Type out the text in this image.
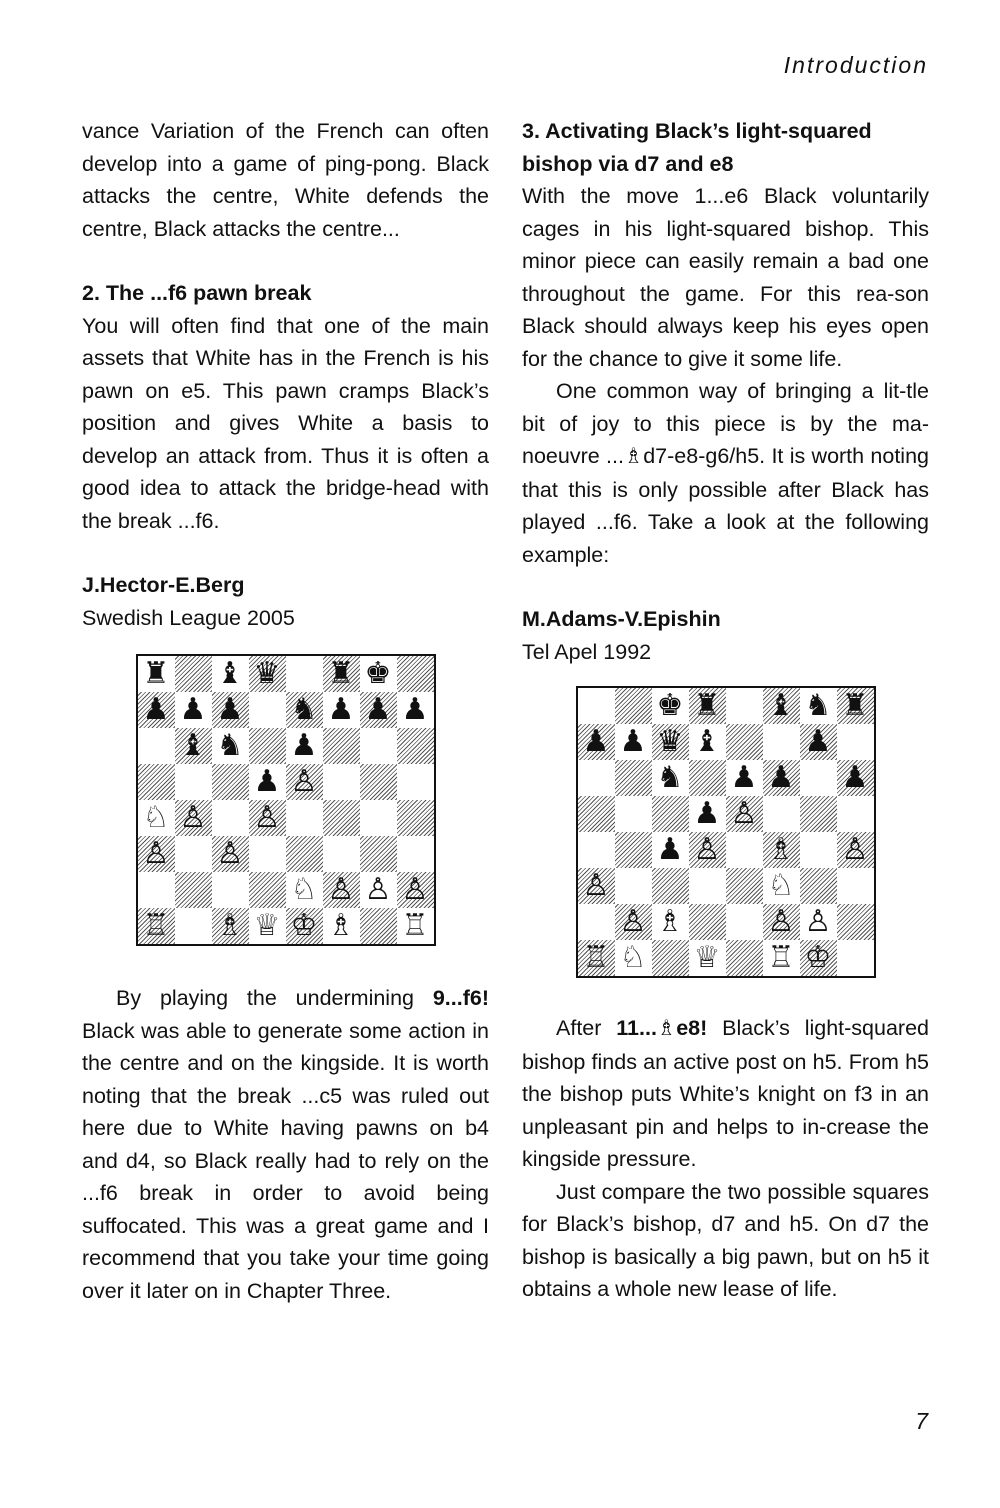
Introduction

vance Variation of the French can often develop into a game of ping-pong. Black attacks the centre, White defends the centre, Black attacks the centre...

2. The ...f6 pawn break

You will often find that one of the main assets that White has in the French is his pawn on e5. This pawn cramps Black’s position and gives White a basis to develop an attack from. Thus it is often a good idea to attack the bridge-head with the break ...f6.

J.Hector-E.Berg
Swedish League 2005

♜ ♝ ♛ ♜ ♚
♟ ♟ ♟ ♞ ♟ ♟ ♟
♝ ♞ ♟
♟ ♙
♘ ♙ ♙
♙ ♙
♘ ♙ ♙ ♙
♖ ♗ ♕ ♔ ♗ ♖

By playing the undermining 9...f6! Black was able to generate some action in the centre and on the kingside. It is worth noting that the break ...c5 was ruled out here due to White having pawns on b4 and d4, so Black really had to rely on the ...f6 break in order to avoid being suffocated. This was a great game and I recommend that you take your time going over it later on in Chapter Three.

3. Activating Black’s light-squared bishop via d7 and e8

With the move 1...e6 Black voluntarily cages in his light-squared bishop. This minor piece can easily remain a bad one throughout the game. For this rea-son Black should always keep his eyes open for the chance to give it some life.

One common way of bringing a lit-tle bit of joy to this piece is by the ma-noeuvre ...♗d7-e8-g6/h5. It is worth noting that this is only possible after Black has played ...f6. Take a look at the following example:

M.Adams-V.Epishin
Tel Apel 1992

♚ ♜ ♝ ♞ ♜
♟ ♟ ♛ ♝	♟
♞ ♟ ♟ ♟
♟ ♙
♟ ♙ ♗ ♙
♙	♘
♙ ♗	♙ ♙
♖ ♘ ♕ ♖ ♔

After 11...♗e8! Black’s light-squared bishop finds an active post on h5. From h5 the bishop puts White’s knight on f3 in an unpleasant pin and helps to in-crease the kingside pressure.

Just compare the two possible squares for Black’s bishop, d7 and h5. On d7 the bishop is basically a big pawn, but on h5 it obtains a whole new lease of life.

7
